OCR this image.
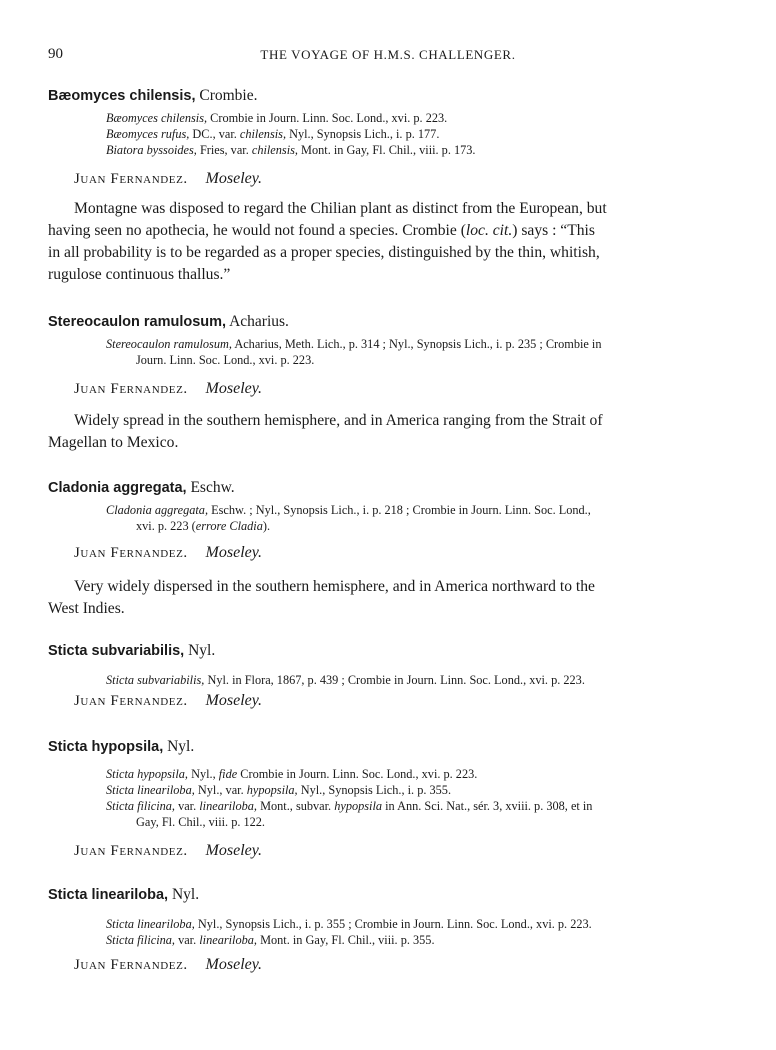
90	THE VOYAGE OF H.M.S. CHALLENGER.
Bæomyces chilensis, Crombie.
Bæomyces chilensis, Crombie in Journ. Linn. Soc. Lond., xvi. p. 223.
Bæomyces rufus, DC., var. chilensis, Nyl., Synopsis Lich., i. p. 177.
Biatora byssoides, Fries, var. chilensis, Mont. in Gay, Fl. Chil., viii. p. 173.
Juan Fernandez. Moseley.
Montagne was disposed to regard the Chilian plant as distinct from the European, but
having seen no apothecia, he would not found a species. Crombie (loc. cit.) says : “This
in all probability is to be regarded as a proper species, distinguished by the thin, whitish,
rugulose continuous thallus.”
Stereocaulon ramulosum, Acharius.
Stereocaulon ramulosum, Acharius, Meth. Lich., p. 314 ; Nyl., Synopsis Lich., i. p. 235 ; Crombie in
Journ. Linn. Soc. Lond., xvi. p. 223.
Juan Fernandez. Moseley.
Widely spread in the southern hemisphere, and in America ranging from the Strait of
Magellan to Mexico.
Cladonia aggregata, Eschw.
Cladonia aggregata, Eschw. ; Nyl., Synopsis Lich., i. p. 218 ; Crombie in Journ. Linn. Soc. Lond.,
xvi. p. 223 (errore Cladia).
Juan Fernandez. Moseley.
Very widely dispersed in the southern hemisphere, and in America northward to the
West Indies.
Sticta subvariabilis, Nyl.
Sticta subvariabilis, Nyl. in Flora, 1867, p. 439 ; Crombie in Journ. Linn. Soc. Lond., xvi. p. 223.
Juan Fernandez. Moseley.
Sticta hypopsila, Nyl.
Sticta hypopsila, Nyl., fide Crombie in Journ. Linn. Soc. Lond., xvi. p. 223.
Sticta lineariloba, Nyl., var. hypopsila, Nyl., Synopsis Lich., i. p. 355.
Sticta filicina, var. lineariloba, Mont., subvar. hypopsila in Ann. Sci. Nat., sér. 3, xviii. p. 308, et in
Gay, Fl. Chil., viii. p. 122.
Juan Fernandez. Moseley.
Sticta lineariloba, Nyl.
Sticta lineariloba, Nyl., Synopsis Lich., i. p. 355 ; Crombie in Journ. Linn. Soc. Lond., xvi. p. 223.
Sticta filicina, var. lineariloba, Mont. in Gay, Fl. Chil., viii. p. 355.
Juan Fernandez. Moseley.
